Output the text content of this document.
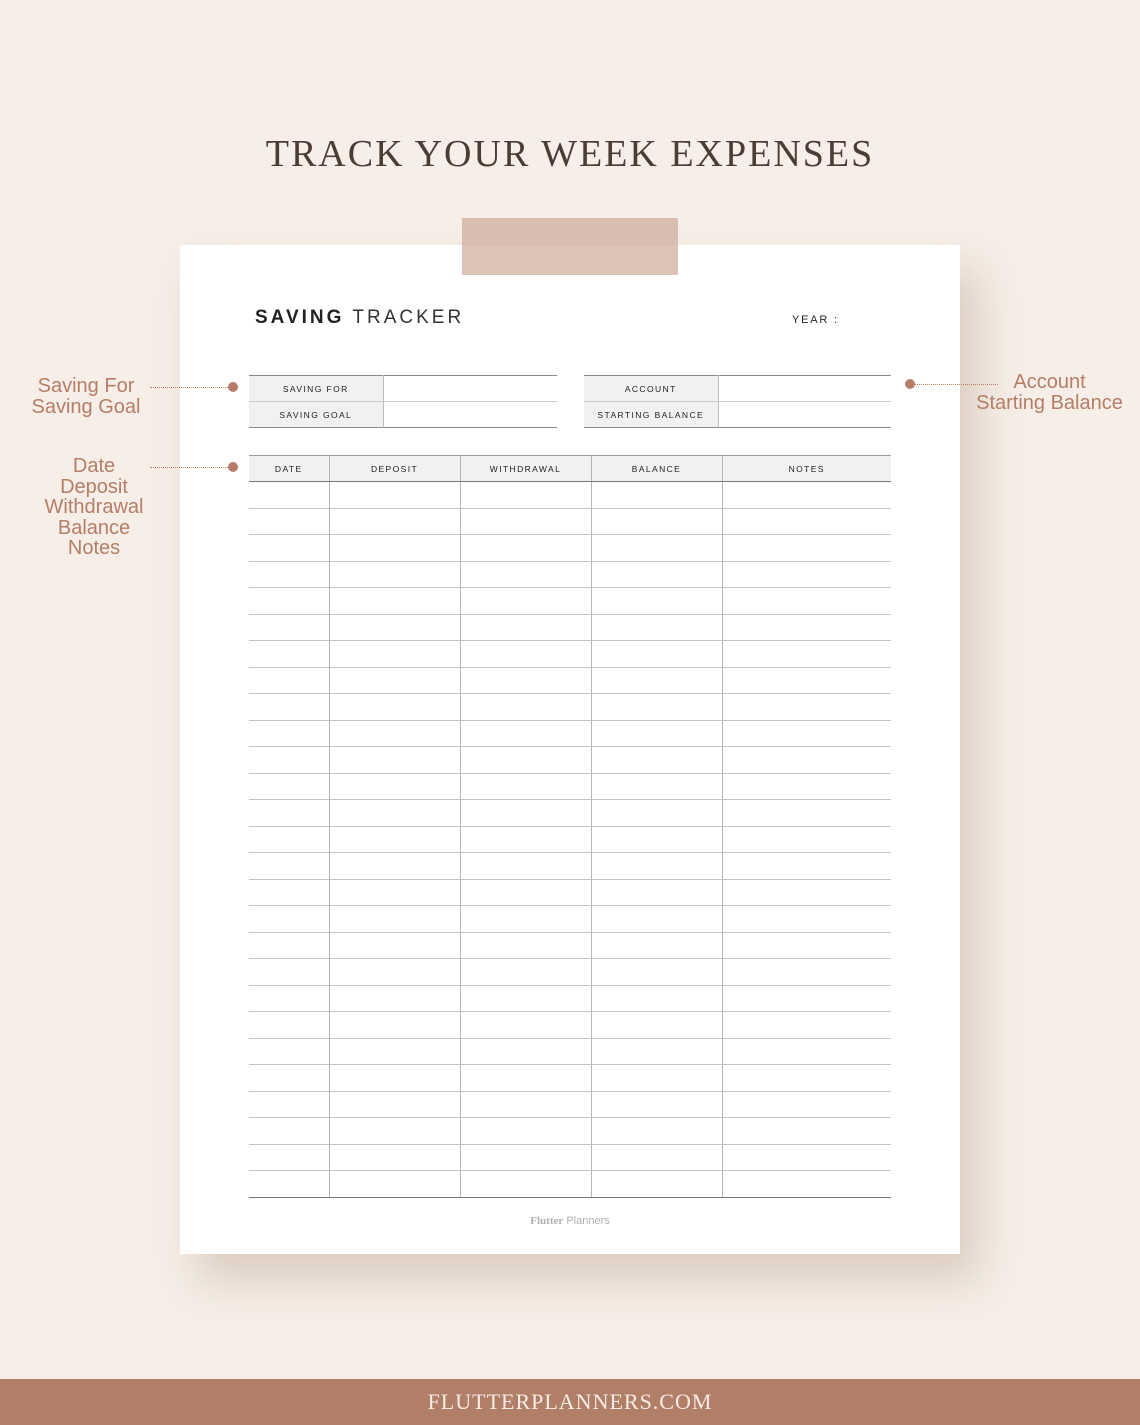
TRACK YOUR WEEK EXPENSES
SAVING TRACKER	YEAR :
SAVING FOR	
SAVING GOAL	
ACCOUNT	
STARTING BALANCE	
DATE	DEPOSIT	WITHDRAWAL	BALANCE	NOTES

Flutter Planners
Saving For
Saving Goal
Date
Deposit
Withdrawal
Balance
Notes
Account
Starting Balance
FLUTTERPLANNERS.COM
